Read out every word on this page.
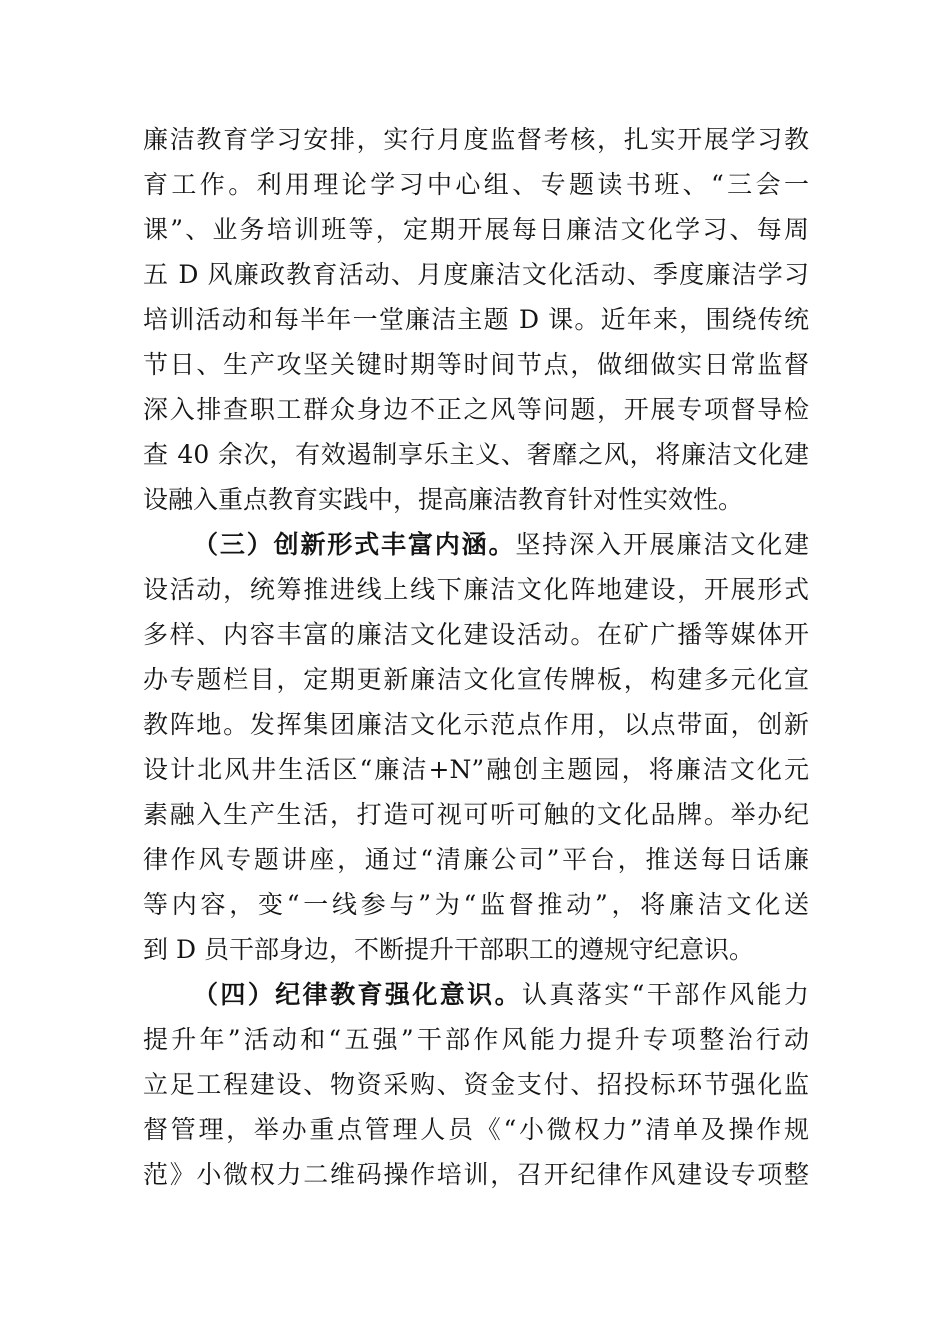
廉洁教育学习安排，实行月度监督考核，扎实开展学习教
育工作。利用理论学习中心组、专题读书班、“三会一
课”、业务培训班等，定期开展每日廉洁文化学习、每周
五 D 风廉政教育活动、月度廉洁文化活动、季度廉洁学习
培训活动和每半年一堂廉洁主题 D 课。近年来，围绕传统
节日、生产攻坚关键时期等时间节点，做细做实日常监督
深入排查职工群众身边不正之风等问题，开展专项督导检
查 40 余次，有效遏制享乐主义、奢靡之风，将廉洁文化建
设融入重点教育实践中，提高廉洁教育针对性实效性。
（三）创新形式丰富内涵。坚持深入开展廉洁文化建
设活动，统筹推进线上线下廉洁文化阵地建设，开展形式
多样、内容丰富的廉洁文化建设活动。在矿广播等媒体开
办专题栏目，定期更新廉洁文化宣传牌板，构建多元化宣
教阵地。发挥集团廉洁文化示范点作用，以点带面，创新
设计北风井生活区“廉洁+N”融创主题园，将廉洁文化元
素融入生产生活，打造可视可听可触的文化品牌。举办纪
律作风专题讲座，通过“清廉公司”平台，推送每日话廉
等内容，变“一线参与”为“监督推动”，将廉洁文化送
到 D 员干部身边，不断提升干部职工的遵规守纪意识。
（四）纪律教育强化意识。认真落实“干部作风能力
提升年”活动和“五强”干部作风能力提升专项整治行动
立足工程建设、物资采购、资金支付、招投标环节强化监
督管理，举办重点管理人员《“小微权力”清单及操作规
范》小微权力二维码操作培训，召开纪律作风建设专项整
